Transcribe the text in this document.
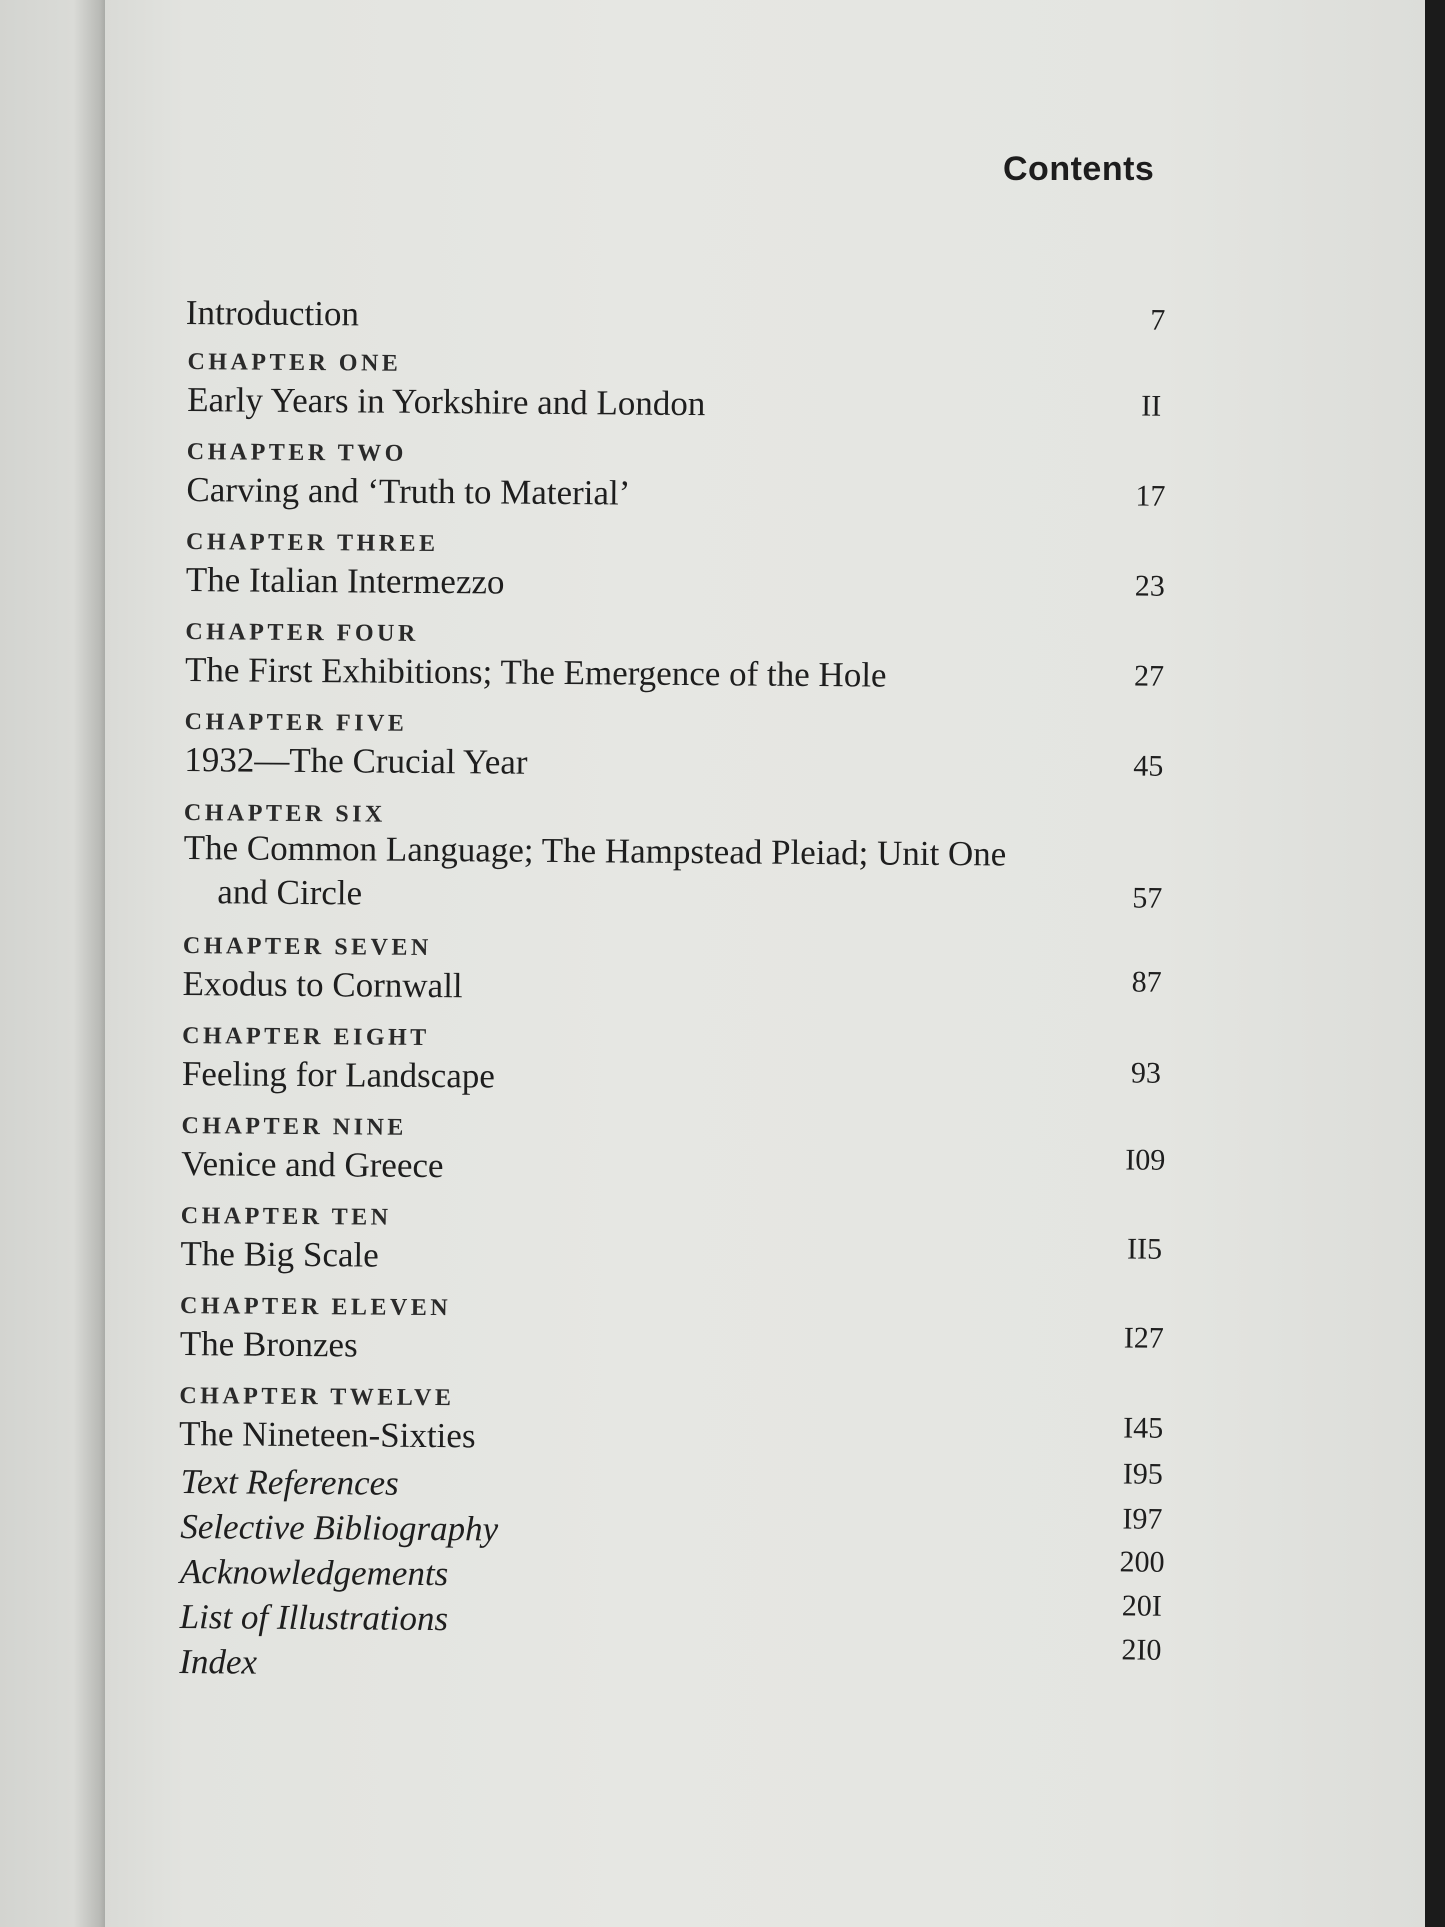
Contents
Introduction	7
CHAPTER ONE
Early Years in Yorkshire and London	II
CHAPTER TWO
Carving and ‘Truth to Material’	17
CHAPTER THREE
The Italian Intermezzo	23
CHAPTER FOUR
The First Exhibitions; The Emergence of the Hole	27
CHAPTER FIVE
1932—The Crucial Year	45
CHAPTER SIX
The Common Language; The Hampstead Pleiad; Unit One
and Circle	57
CHAPTER SEVEN
Exodus to Cornwall	87
CHAPTER EIGHT
Feeling for Landscape	93
CHAPTER NINE
Venice and Greece	I09
CHAPTER TEN
The Big Scale	II5
CHAPTER ELEVEN
The Bronzes	I27
CHAPTER TWELVE
The Nineteen-Sixties	I45
Text References	I95
Selective Bibliography	I97
Acknowledgements	200
List of Illustrations	20I
Index	2I0
